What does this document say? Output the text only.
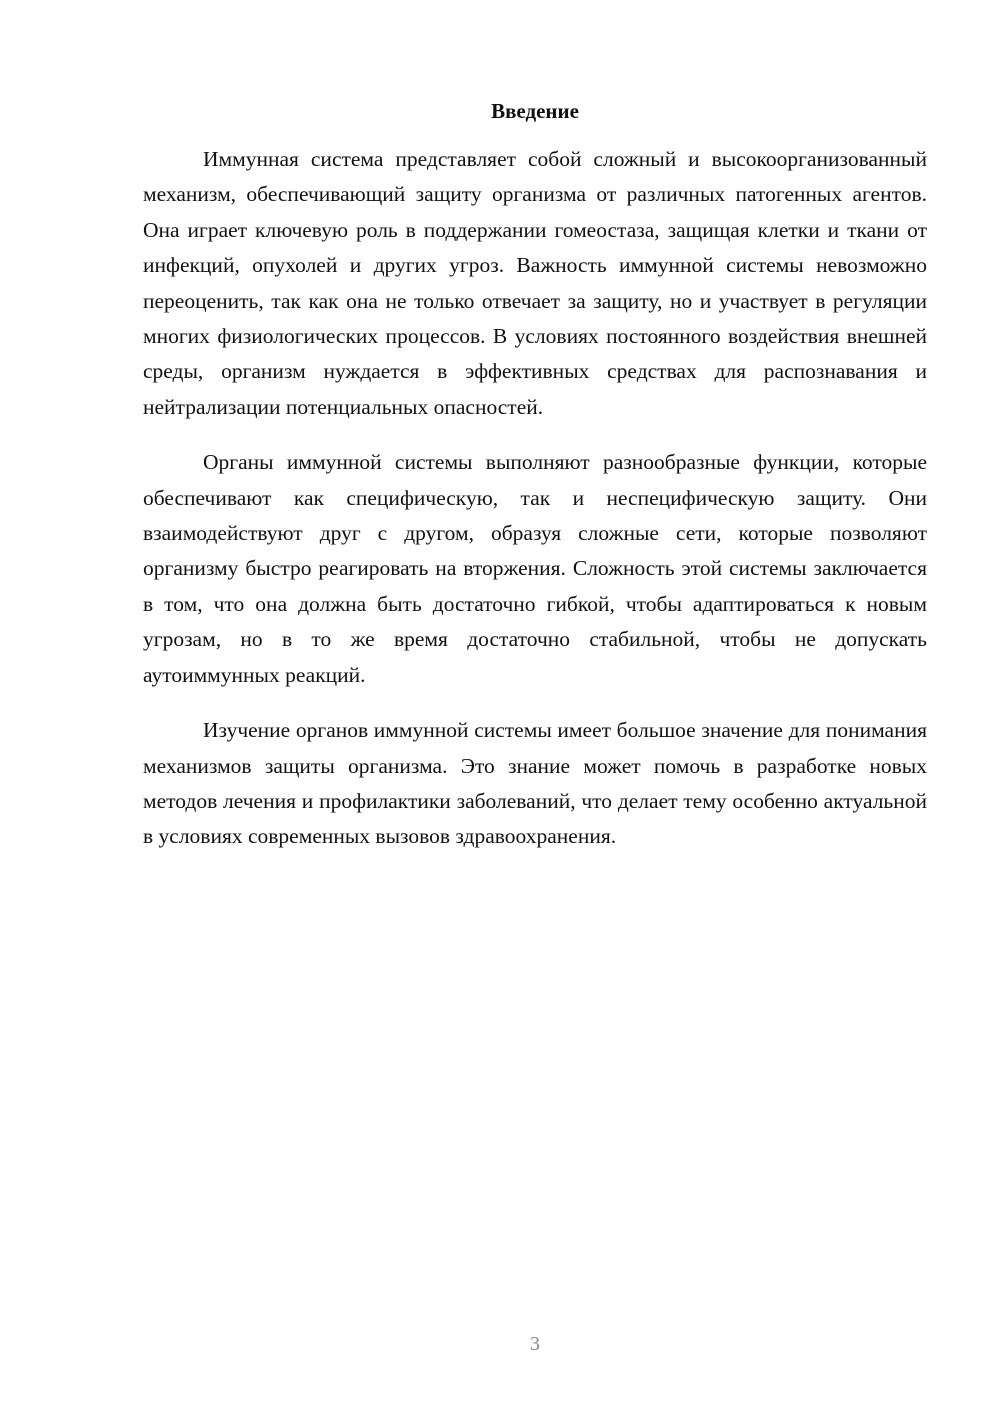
Введение

Иммунная система представляет собой сложный и высокоорганизованный механизм, обеспечивающий защиту организма от различных патогенных агентов. Она играет ключевую роль в поддержании гомеостаза, защищая клетки и ткани от инфекций, опухолей и других угроз. Важность иммунной системы невозможно переоценить, так как она не только отвечает за защиту, но и участвует в регуляции многих физиологических процессов. В условиях постоянного воздействия внешней среды, организм нуждается в эффективных средствах для распознавания и нейтрализации потенциальных опасностей.

Органы иммунной системы выполняют разнообразные функции, которые обеспечивают как специфическую, так и неспецифическую защиту. Они взаимодействуют друг с другом, образуя сложные сети, которые позволяют организму быстро реагировать на вторжения. Сложность этой системы заключается в том, что она должна быть достаточно гибкой, чтобы адаптироваться к новым угрозам, но в то же время достаточно стабильной, чтобы не допускать аутоиммунных реакций.

Изучение органов иммунной системы имеет большое значение для понимания механизмов защиты организма. Это знание может помочь в разработке новых методов лечения и профилактики заболеваний, что делает тему особенно актуальной в условиях современных вызовов здравоохранения.

3
